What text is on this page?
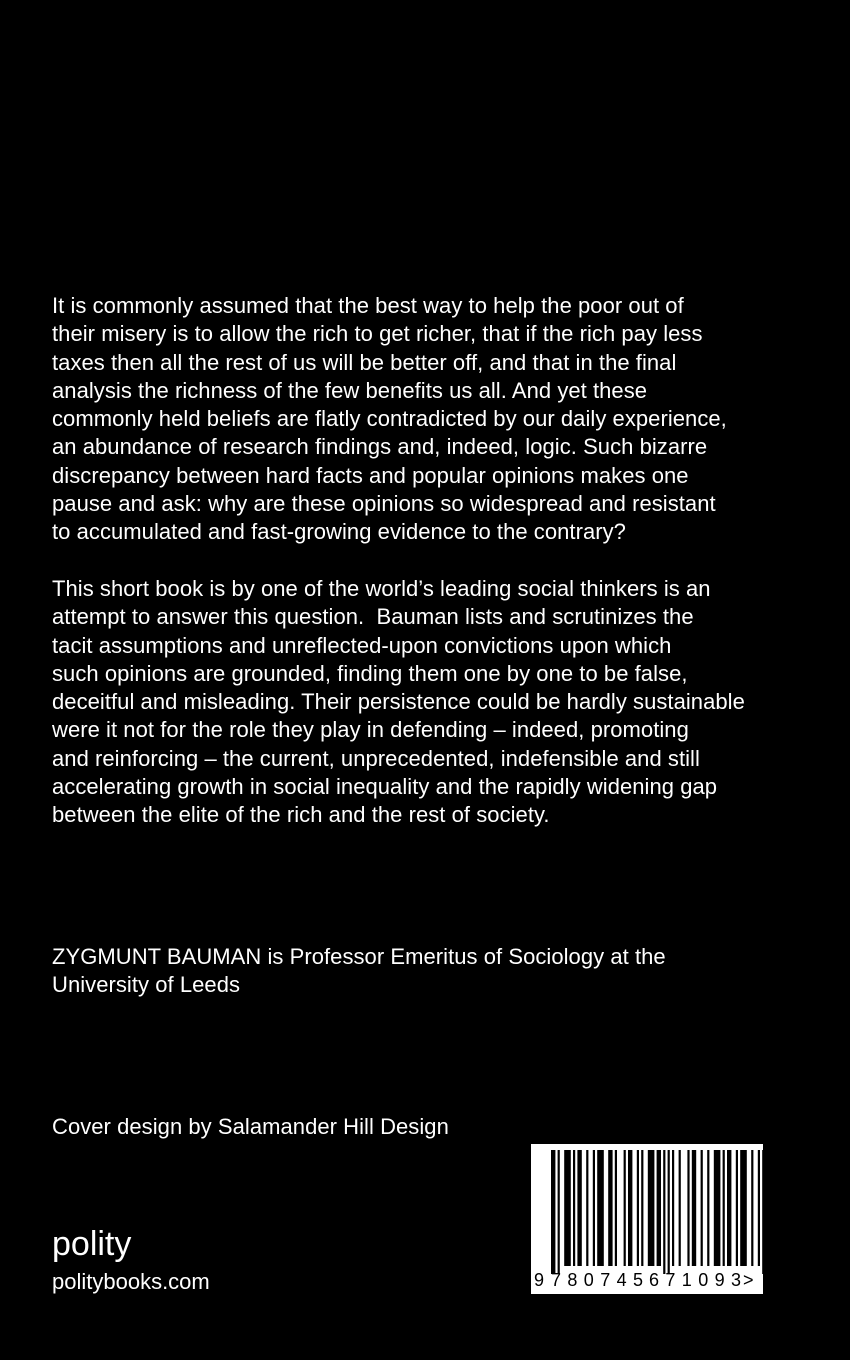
It is commonly assumed that the best way to help the poor out of
their misery is to allow the rich to get richer, that if the rich pay less
taxes then all the rest of us will be better off, and that in the final
analysis the richness of the few benefits us all. And yet these
commonly held beliefs are flatly contradicted by our daily experience,
an abundance of research findings and, indeed, logic. Such bizarre
discrepancy between hard facts and popular opinions makes one
pause and ask: why are these opinions so widespread and resistant
to accumulated and fast-growing evidence to the contrary?
This short book is by one of the world’s leading social thinkers is an
attempt to answer this question.  Bauman lists and scrutinizes the
tacit assumptions and unreflected-upon convictions upon which
such opinions are grounded, finding them one by one to be false,
deceitful and misleading. Their persistence could be hardly sustainable
were it not for the role they play in defending – indeed, promoting
and reinforcing – the current, unprecedented, indefensible and still
accelerating growth in social inequality and the rapidly widening gap
between the elite of the rich and the rest of society.
ZYGMUNT BAUMAN is Professor Emeritus of Sociology at the
University of Leeds
Cover design by Salamander Hill Design
polity
politybooks.com	9 780745 671093 >
